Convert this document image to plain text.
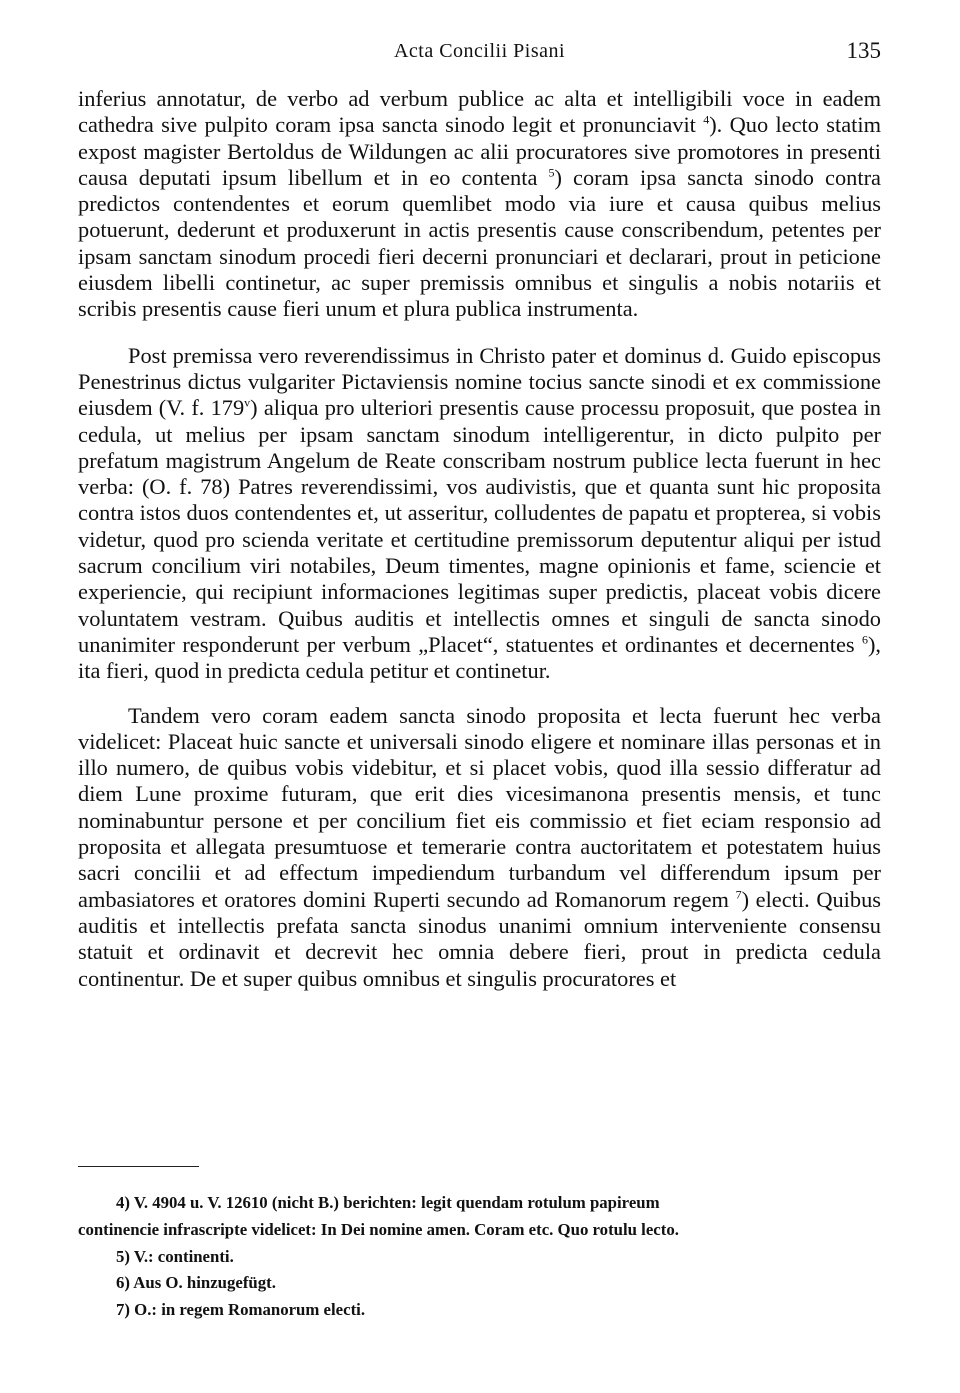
Acta Concilii Pisani	135

inferius annotatur, de verbo ad verbum publice ac alta et intelligibili voce in eadem cathedra sive pulpito coram ipsa sancta sinodo legit et pronunciavit $^4$). Quo lecto statim expost magister Bertoldus de Wildungen ac alii procuratores sive promotores in presenti causa deputati ipsum libellum et in eo contenta $^5$) coram ipsa sancta sinodo contra predictos contendentes et eorum quemlibet modo via iure et causa quibus melius potuerunt, dederunt et produxerunt in actis presentis cause conscribendum, petentes per ipsam sanctam sinodum procedi fieri decerni pronunciari et declarari, prout in peticione eiusdem libelli continetur, ac super premissis omnibus et singulis a nobis notariis et scribis presentis cause fieri unum et plura publica instrumenta.

Post premissa vero reverendissimus in Christo pater et dominus d. Guido episcopus Penestrinus dictus vulgariter Pictaviensis nomine tocius sancte sinodi et ex commissione eiusdem (V. f. 179$^v$) aliqua pro ulteriori presentis cause processu proposuit, que postea in cedula, ut melius per ipsam sanctam sinodum intelligerentur, in dicto pulpito per prefatum magistrum Angelum de Reate conscribam nostrum publice lecta fuerunt in hec verba: (O. f. 78) Patres reverendissimi, vos audivistis, que et quanta sunt hic proposita contra istos duos contendentes et, ut asseritur, colludentes de papatu et propterea, si vobis videtur, quod pro scienda veritate et certitudine premissorum deputentur aliqui per istud sacrum concilium viri notabiles, Deum timentes, magne opinionis et fame, sciencie et experiencie, qui recipiunt informaciones legitimas super predictis, placeat vobis dicere voluntatem vestram. Quibus auditis et intellectis omnes et singuli de sancta sinodo unanimiter responderunt per verbum „Placet“, statuentes et ordinantes et decernentes $^6$), ita fieri, quod in predicta cedula petitur et continetur.

Tandem vero coram eadem sancta sinodo proposita et lecta fuerunt hec verba videlicet: Placeat huic sancte et universali sinodo eligere et nominare illas personas et in illo numero, de quibus vobis videbitur, et si placet vobis, quod illa sessio differatur ad diem Lune proxime futuram, que erit dies vicesimanona presentis mensis, et tunc nominabuntur persone et per concilium fiet eis commissio et fiet eciam responsio ad proposita et allegata presumtuose et temerarie contra auctoritatem et potestatem huius sacri concilii et ad effectum impediendum turbandum vel differendum ipsum per ambasiatores et oratores domini Ruperti secundo ad Romanorum regem $^7$) electi. Quibus auditis et intellectis prefata sancta sinodus unanimi omnium interveniente consensu statuit et ordinavit et decrevit hec omnia debere fieri, prout in predicta cedula continentur. De et super quibus omnibus et singulis procuratores et

4) V. 4904 u. V. 12610 (nicht B.) berichten: legit quendam rotulum papireum

continencie infrascripte videlicet: In Dei nomine amen. Coram etc. Quo rotulu lecto.

5) V.: continenti.

6) Aus O. hinzugefügt.

7) O.: in regem Romanorum electi.
